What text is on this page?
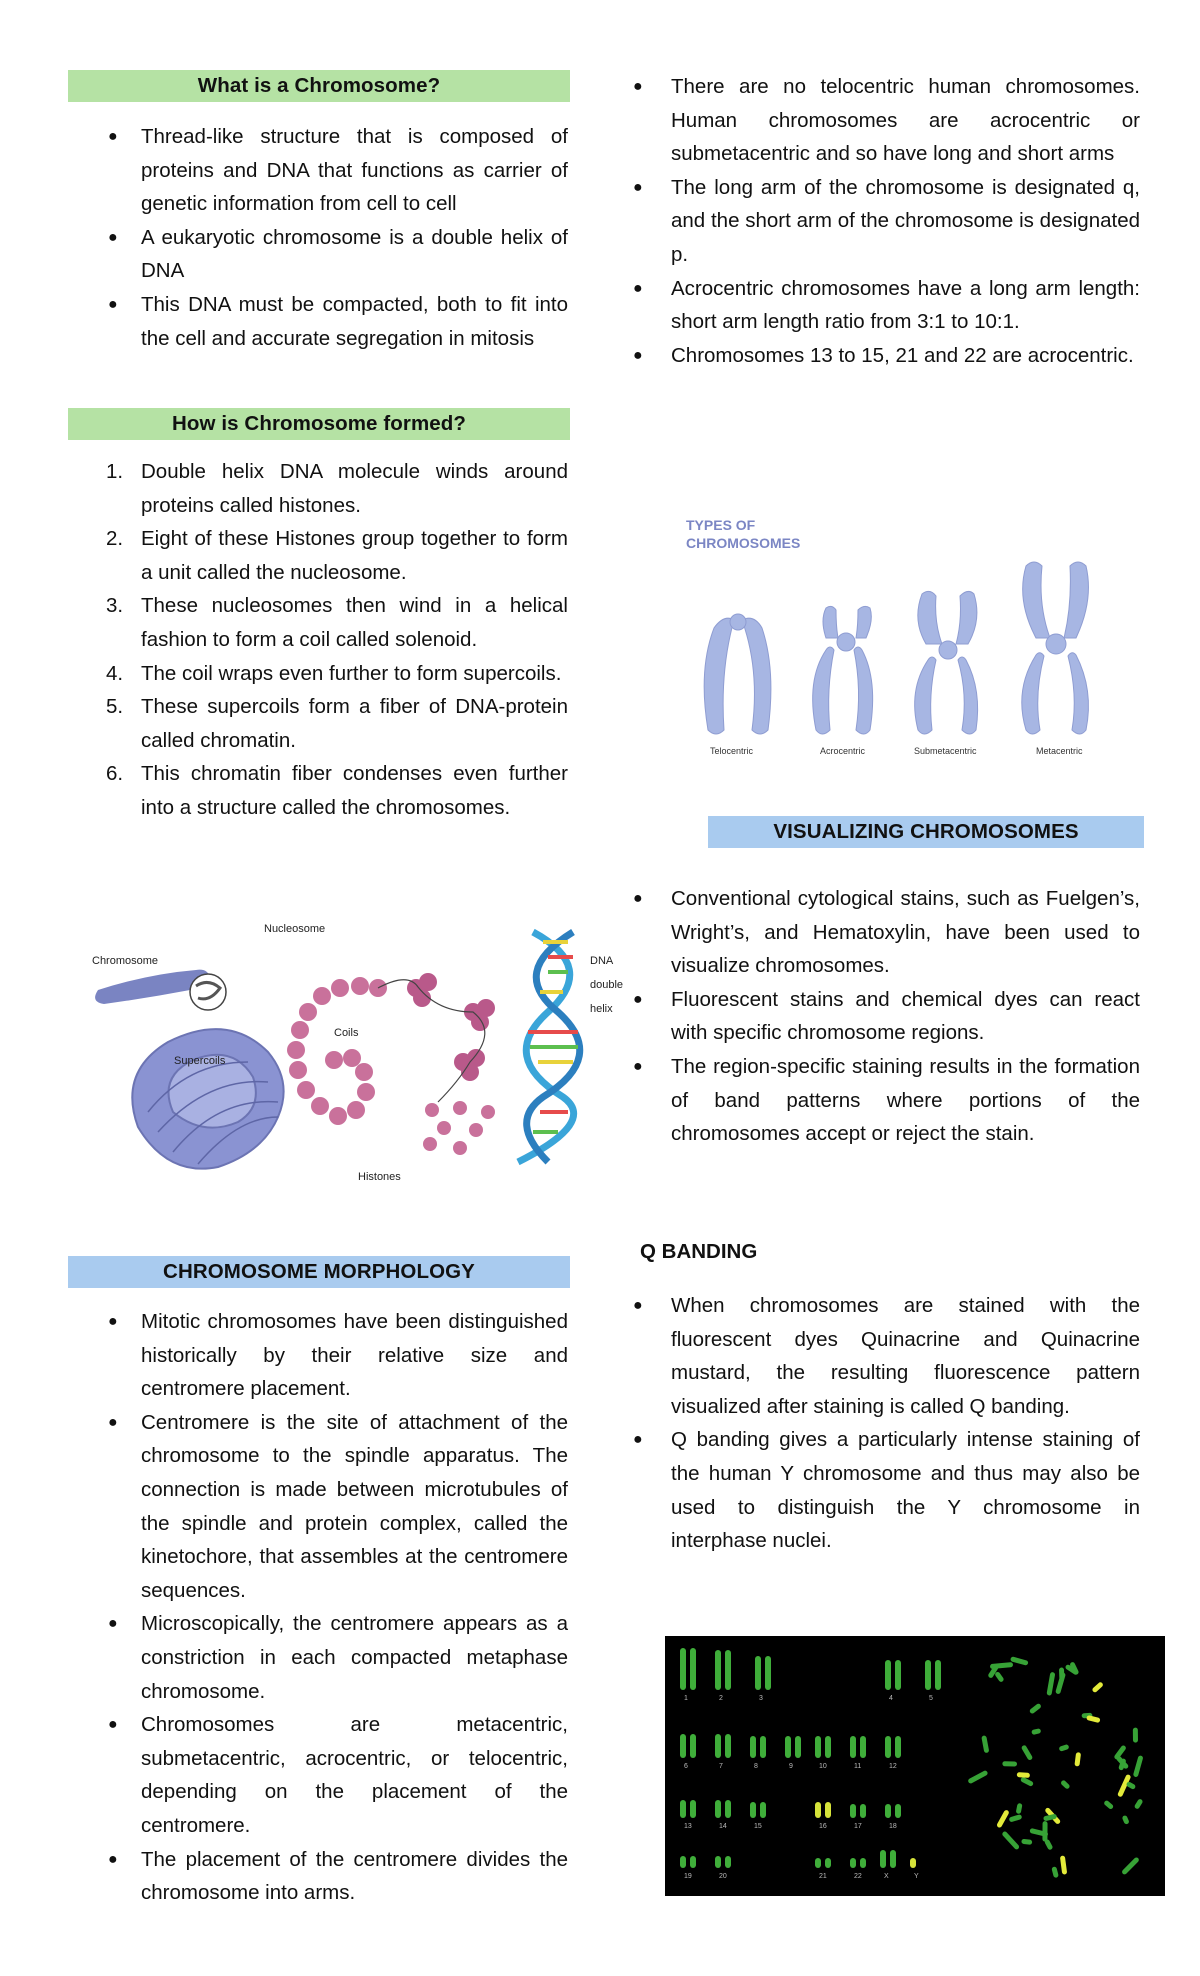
What is a Chromosome?
● Thread-like structure that is composed of proteins and DNA that functions as carrier of genetic information from cell to cell
● A eukaryotic chromosome is a double helix of DNA
● This DNA must be compacted, both to fit into the cell and accurate segregation in mitosis
How is Chromosome formed?
1. Double helix DNA molecule winds around proteins called histones.
2. Eight of these Histones group together to form a unit called the nucleosome.
3. These nucleosomes then wind in a helical fashion to form a coil called solenoid.
4. The coil wraps even further to form supercoils.
5. These supercoils form a fiber of DNA-protein called chromatin.
6. This chromatin fiber condenses even further into a structure called the chromosomes.
Chromosome
Nucleosome
Coils
Supercoils
Histones
DNA
double
helix
CHROMOSOME MORPHOLOGY
● Mitotic chromosomes have been distinguished historically by their relative size and centromere placement.
● Centromere is the site of attachment of the chromosome to the spindle apparatus. The connection is made between microtubules of the spindle and protein complex, called the kinetochore, that assembles at the centromere sequences.
● Microscopically, the centromere appears as a constriction in each compacted metaphase chromosome.
● Chromosomes are metacentric, submetacentric, acrocentric, or telocentric, depending on the placement of the centromere.
● The placement of the centromere divides the chromosome into arms.
● There are no telocentric human chromosomes. Human chromosomes are acrocentric or submetacentric and so have long and short arms
● The long arm of the chromosome is designated q, and the short arm of the chromosome is designated p.
● Acrocentric chromosomes have a long arm length: short arm length ratio from 3:1 to 10:1.
● Chromosomes 13 to 15, 21 and 22 are acrocentric.
TYPES OF
CHROMOSOMES
Telocentric	Acrocentric	Submetacentric	Metacentric
VISUALIZING CHROMOSOMES
● Conventional cytological stains, such as Fuelgen’s, Wright’s, and Hematoxylin, have been used to visualize chromosomes.
● Fluorescent stains and chemical dyes can react with specific chromosome regions.
● The region-specific staining results in the formation of band patterns where portions of the chromosomes accept or reject the stain.
Q BANDING
● When chromosomes are stained with the fluorescent dyes Quinacrine and Quinacrine mustard, the resulting fluorescence pattern visualized after staining is called Q banding.
● Q banding gives a particularly intense staining of the human Y chromosome and thus may also be used to distinguish the Y chromosome in interphase nuclei.
1	2	3	4	5
6	7	8	9	10	11	12
13	14	15	16	17	18
19	20	21	22	X	Y
